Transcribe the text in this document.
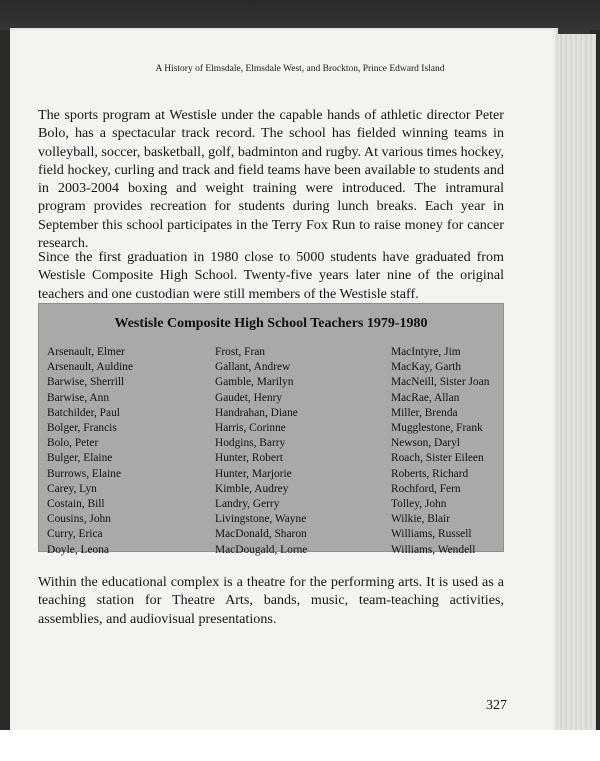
A History of Elmsdale, Elmsdale West, and Brockton, Prince Edward Island

The sports program at Westisle under the capable hands of athletic director Peter Bolo, has a spectacular track record. The school has fielded winning teams in volleyball, soccer, basketball, golf, badminton and rugby. At various times hockey, field hockey, curling and track and field teams have been available to students and in 2003-2004 boxing and weight training were introduced. The intramural program provides recreation for students during lunch breaks. Each year in September this school participates in the Terry Fox Run to raise money for cancer research.

Since the first graduation in 1980 close to 5000 students have graduated from Westisle Composite High School. Twenty-five years later nine of the original teachers and one custodian were still members of the Westisle staff.

Westisle Composite High School Teachers 1979-1980
Arsenault, Elmer
Arsenault, Auldine
Barwise, Sherrill
Barwise, Ann
Batchilder, Paul
Bolger, Francis
Bolo, Peter
Bulger, Elaine
Burrows, Elaine
Carey, Lyn
Costain, Bill
Cousins, John
Curry, Erica
Doyle, Leona
Frost, Fran
Gallant, Andrew
Gamble, Marilyn
Gaudet, Henry
Handrahan, Diane
Harris, Corinne
Hodgins, Barry
Hunter, Robert
Hunter, Marjorie
Kimble, Audrey
Landry, Gerry
Livingstone, Wayne
MacDonald, Sharon
MacDougald, Lorne
MacIntyre, Jim
MacKay, Garth
MacNeill, Sister Joan
MacRae, Allan
Miller, Brenda
Mugglestone, Frank
Newson, Daryl
Roach, Sister Eileen
Roberts, Richard
Rochford, Fern
Tolley, John
Wilkie, Blair
Williams, Russell
Williams, Wendell

Within the educational complex is a theatre for the performing arts. It is used as a teaching station for Theatre Arts, bands, music, team-teaching activities, assemblies, and audiovisual presentations.

327
